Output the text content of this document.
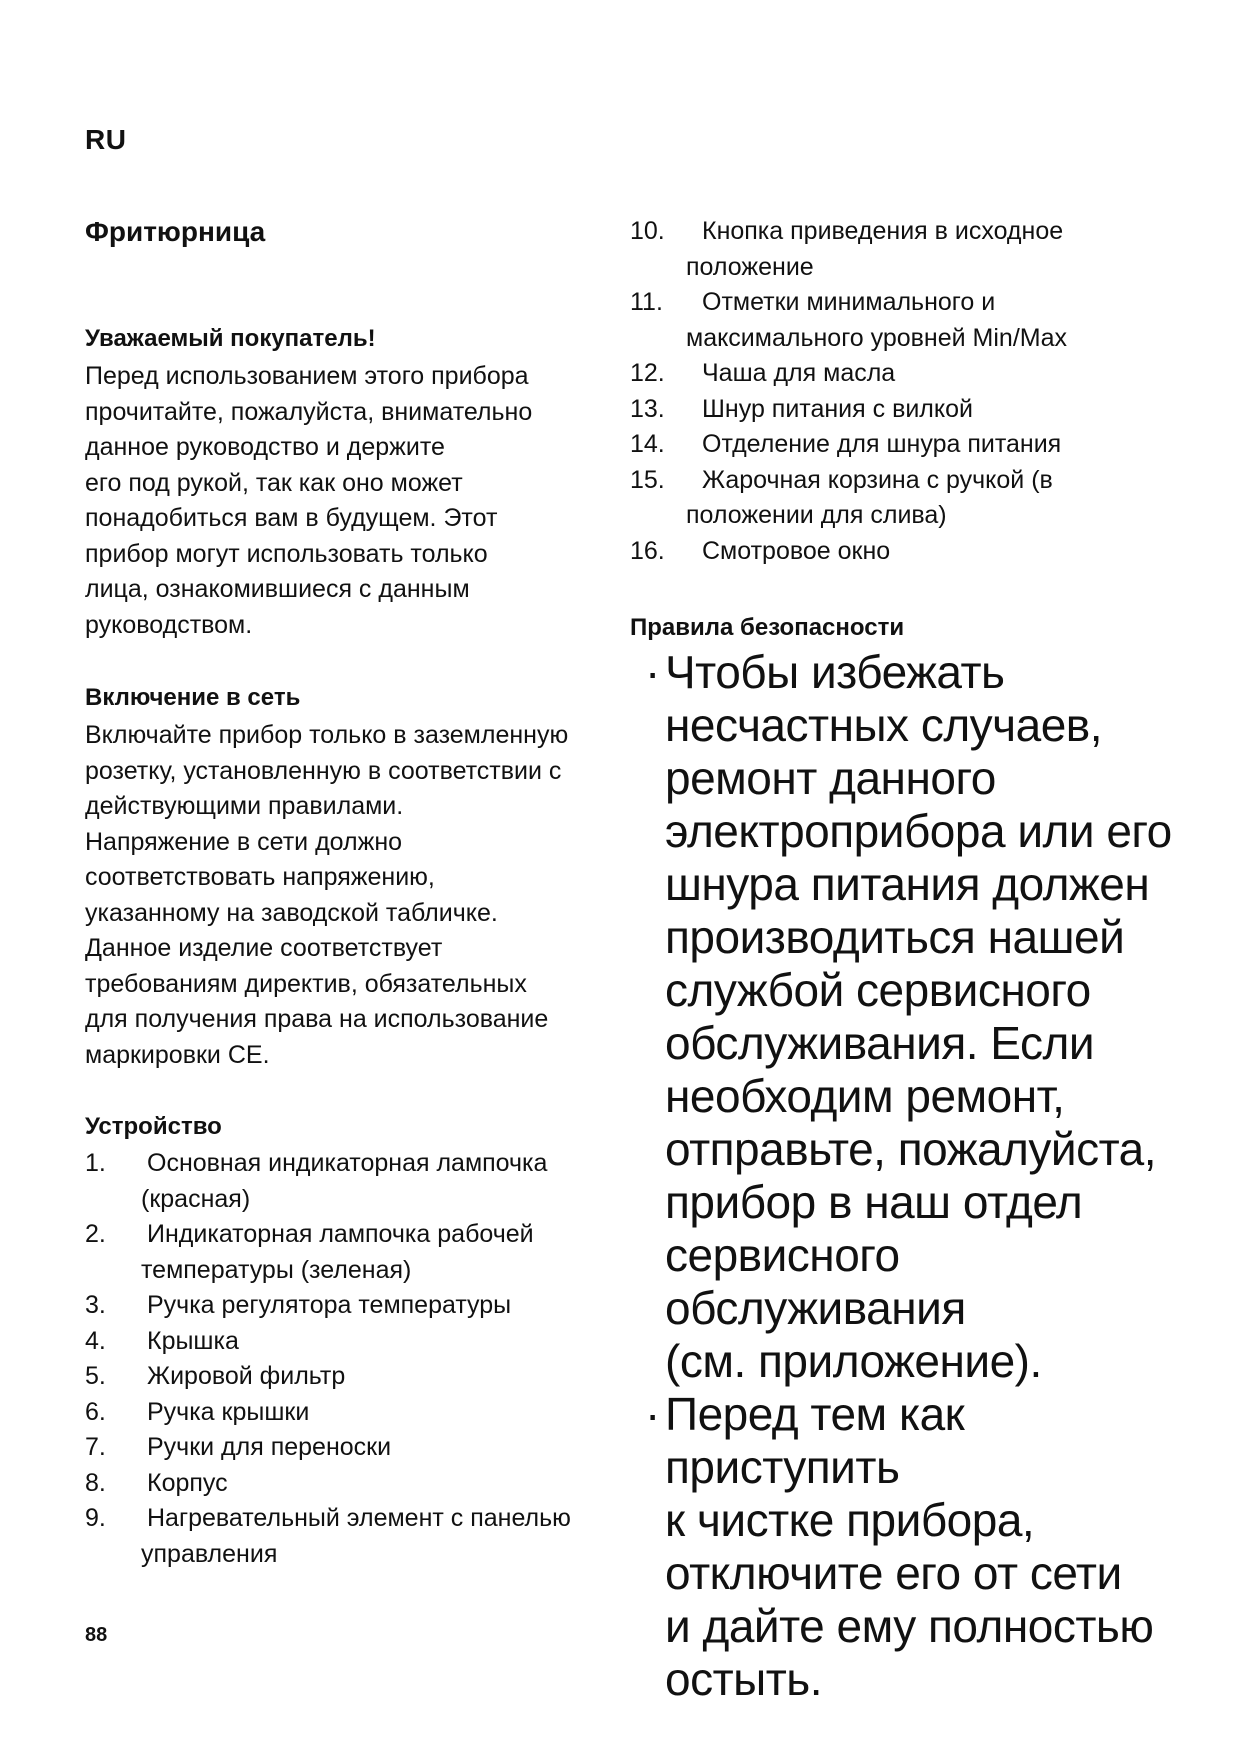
RU
Фритюрница
Уважаемый покупатель!

Перед использованием этого прибора
прочитайте, пожалуйста, внимательно
данное руководство и держите
его под рукой, так как оно может
понадобиться вам в будущем. Этот
прибор могут использовать только
лица, ознакомившиеся с данным
руководством.

Включение в сеть

Включайте прибор только в заземленную
розетку, установленную в соответствии с
действующими правилами.
Напряжение в сети должно
соответствовать напряжению,
указанному на заводской табличке.
Данное изделие соответствует
требованиям директив, обязательных
для получения права на использование
маркировки CE.

Устройство
1. Основная индикаторная лампочка (красная)
2. Индикаторная лампочка рабочей температуры (зеленая)
3. Ручка регулятора температуры
4. Крышка
5. Жировой фильтр
6. Ручка крышки
7. Ручки для переноски
8. Корпус
9. Нагревательный элемент с панелью управления
88
10.	Кнопка приведения в исходное положение
11.	Отметки минимального и максимального уровней Min/Max
12.	Чаша для масла
13.	Шнур питания с вилкой
14.	Отделение для шнура питания
15.	Жарочная корзина с ручкой (в положении для слива)
16.	Смотровое окно
Правила безопасности
· Чтобы избежать
несчастных случаев,
ремонт данного
электроприбора или его
шнура питания должен
производиться нашей
службой сервисного
обслуживания. Если
необходим ремонт,
отправьте, пожалуйста,
прибор в наш отдел
сервисного обслуживания
(см. приложение).
· Перед тем как приступить
к чистке прибора,
отключите его от сети
и дайте ему полностью
остыть.
